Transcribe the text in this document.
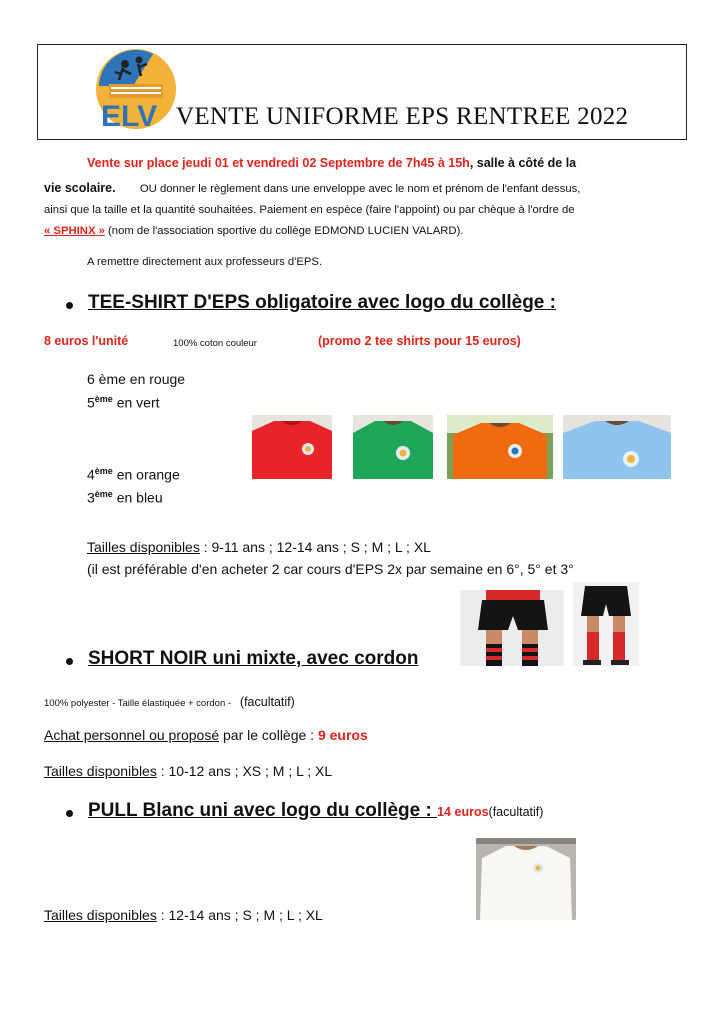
ELV VENTE UNIFORME EPS RENTREE 2022
Vente sur place jeudi 01 et vendredi 02 Septembre de 7h45 à 15h, salle à côté de la
vie scolaire. OU donner le règlement dans une enveloppe avec le nom et prénom de l'enfant dessus,
ainsi que la taille et la quantité souhaitées. Paiement en espèce (faire l'appoint) ou par chèque à l'ordre de
« SPHINX » (nom de l'association sportive du collège EDMOND LUCIEN VALARD).
A remettre directement aux professeurs d'EPS.
TEE-SHIRT D'EPS obligatoire avec logo du collège :
8 euros l'unité	100% coton couleur	(promo 2 tee shirts pour 15 euros)
6 ème en rouge
5ème en vert
4ème en orange
3ème en bleu
Tailles disponibles : 9-11 ans ; 12-14 ans ; S ; M ; L ; XL
(il est préférable d'en acheter 2 car cours d'EPS 2x par semaine en 6°, 5° et 3°
SHORT NOIR uni mixte, avec cordon
100% polyester - Taille élastiquée + cordon - (facultatif)
Achat personnel ou proposé par le collège : 9 euros
Tailles disponibles : 10-12 ans ; XS ; M ; L ; XL
PULL Blanc uni avec logo du collège : 14 euros(facultatif)
Tailles disponibles : 12-14 ans ; S ; M ; L ; XL
